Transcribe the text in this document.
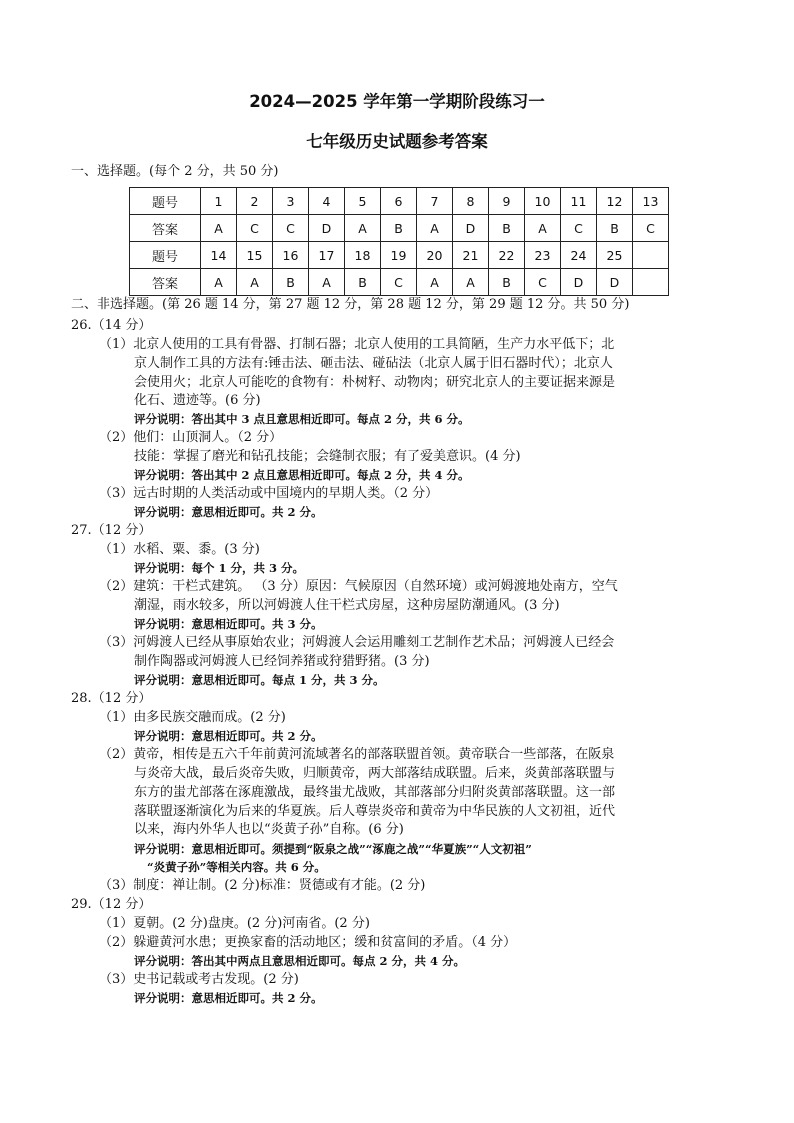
2024—2025 学年第一学期阶段练习一
七年级历史试题参考答案
一、选择题。(每个 2 分，共 50 分)
题号	1	2	3	4	5	6	7	8	9	10	11	12	13
答案	A	C	C	D	A	B	A	D	B	A	C	B	C
题号	14	15	16	17	18	19	20	21	22	23	24	25	
答案	A	A	B	A	B	C	A	A	B	C	D	D	
二、非选择题。(第 26 题 14 分，第 27 题 12 分，第 28 题 12 分，第 29 题 12 分。共 50 分)
26.（14 分）
（1）北京人使用的工具有骨器、打制石器；北京人使用的工具简陋，生产力水平低下；北
京人制作工具的方法有:锤击法、砸击法、碰砧法（北京人属于旧石器时代）；北京人
会使用火；北京人可能吃的食物有：朴树籽、动物肉；研究北京人的主要证据来源是
化石、遗迹等。(6 分)
评分说明：答出其中 3 点且意思相近即可。每点 2 分，共 6 分。
（2）他们：山顶洞人。（2 分）
技能：掌握了磨光和钻孔技能；会缝制衣服；有了爱美意识。(4 分)
评分说明：答出其中 2 点且意思相近即可。每点 2 分，共 4 分。
（3）远古时期的人类活动或中国境内的早期人类。（2 分）
评分说明：意思相近即可。共 2 分。
27.（12 分）
（1）水稻、粟、黍。(3 分)
评分说明：每个 1 分，共 3 分。
（2）建筑：干栏式建筑。 （3 分）原因：气候原因（自然环境）或河姆渡地处南方，空气
潮湿，雨水较多，所以河姆渡人住干栏式房屋，这种房屋防潮通风。(3 分)
评分说明：意思相近即可。共 3 分。
（3）河姆渡人已经从事原始农业；河姆渡人会运用雕刻工艺制作艺术品；河姆渡人已经会
制作陶器或河姆渡人已经饲养猪或狩猎野猪。(3 分)
评分说明：意思相近即可。每点 1 分，共 3 分。
28.（12 分）
（1）由多民族交融而成。(2 分)
评分说明：意思相近即可。共 2 分。
（2）黄帝，相传是五六千年前黄河流域著名的部落联盟首领。黄帝联合一些部落，在阪泉
与炎帝大战，最后炎帝失败，归顺黄帝，两大部落结成联盟。后来，炎黄部落联盟与
东方的蚩尤部落在涿鹿激战，最终蚩尤战败，其部落部分归附炎黄部落联盟。这一部
落联盟逐渐演化为后来的华夏族。后人尊崇炎帝和黄帝为中华民族的人文初祖，近代
以来，海内外华人也以“炎黄子孙”自称。(6 分)
评分说明：意思相近即可。须提到“阪泉之战”“涿鹿之战”“华夏族”“人文初祖”
“炎黄子孙”等相关内容。共 6 分。
（3）制度：禅让制。(2 分)标准：贤德或有才能。(2 分)
29.（12 分）
（1）夏朝。(2 分)盘庚。(2 分)河南省。(2 分)
（2）躲避黄河水患；更换家畜的活动地区；缓和贫富间的矛盾。（4 分）
评分说明：答出其中两点且意思相近即可。每点 2 分，共 4 分。
（3）史书记载或考古发现。(2 分)
评分说明：意思相近即可。共 2 分。
